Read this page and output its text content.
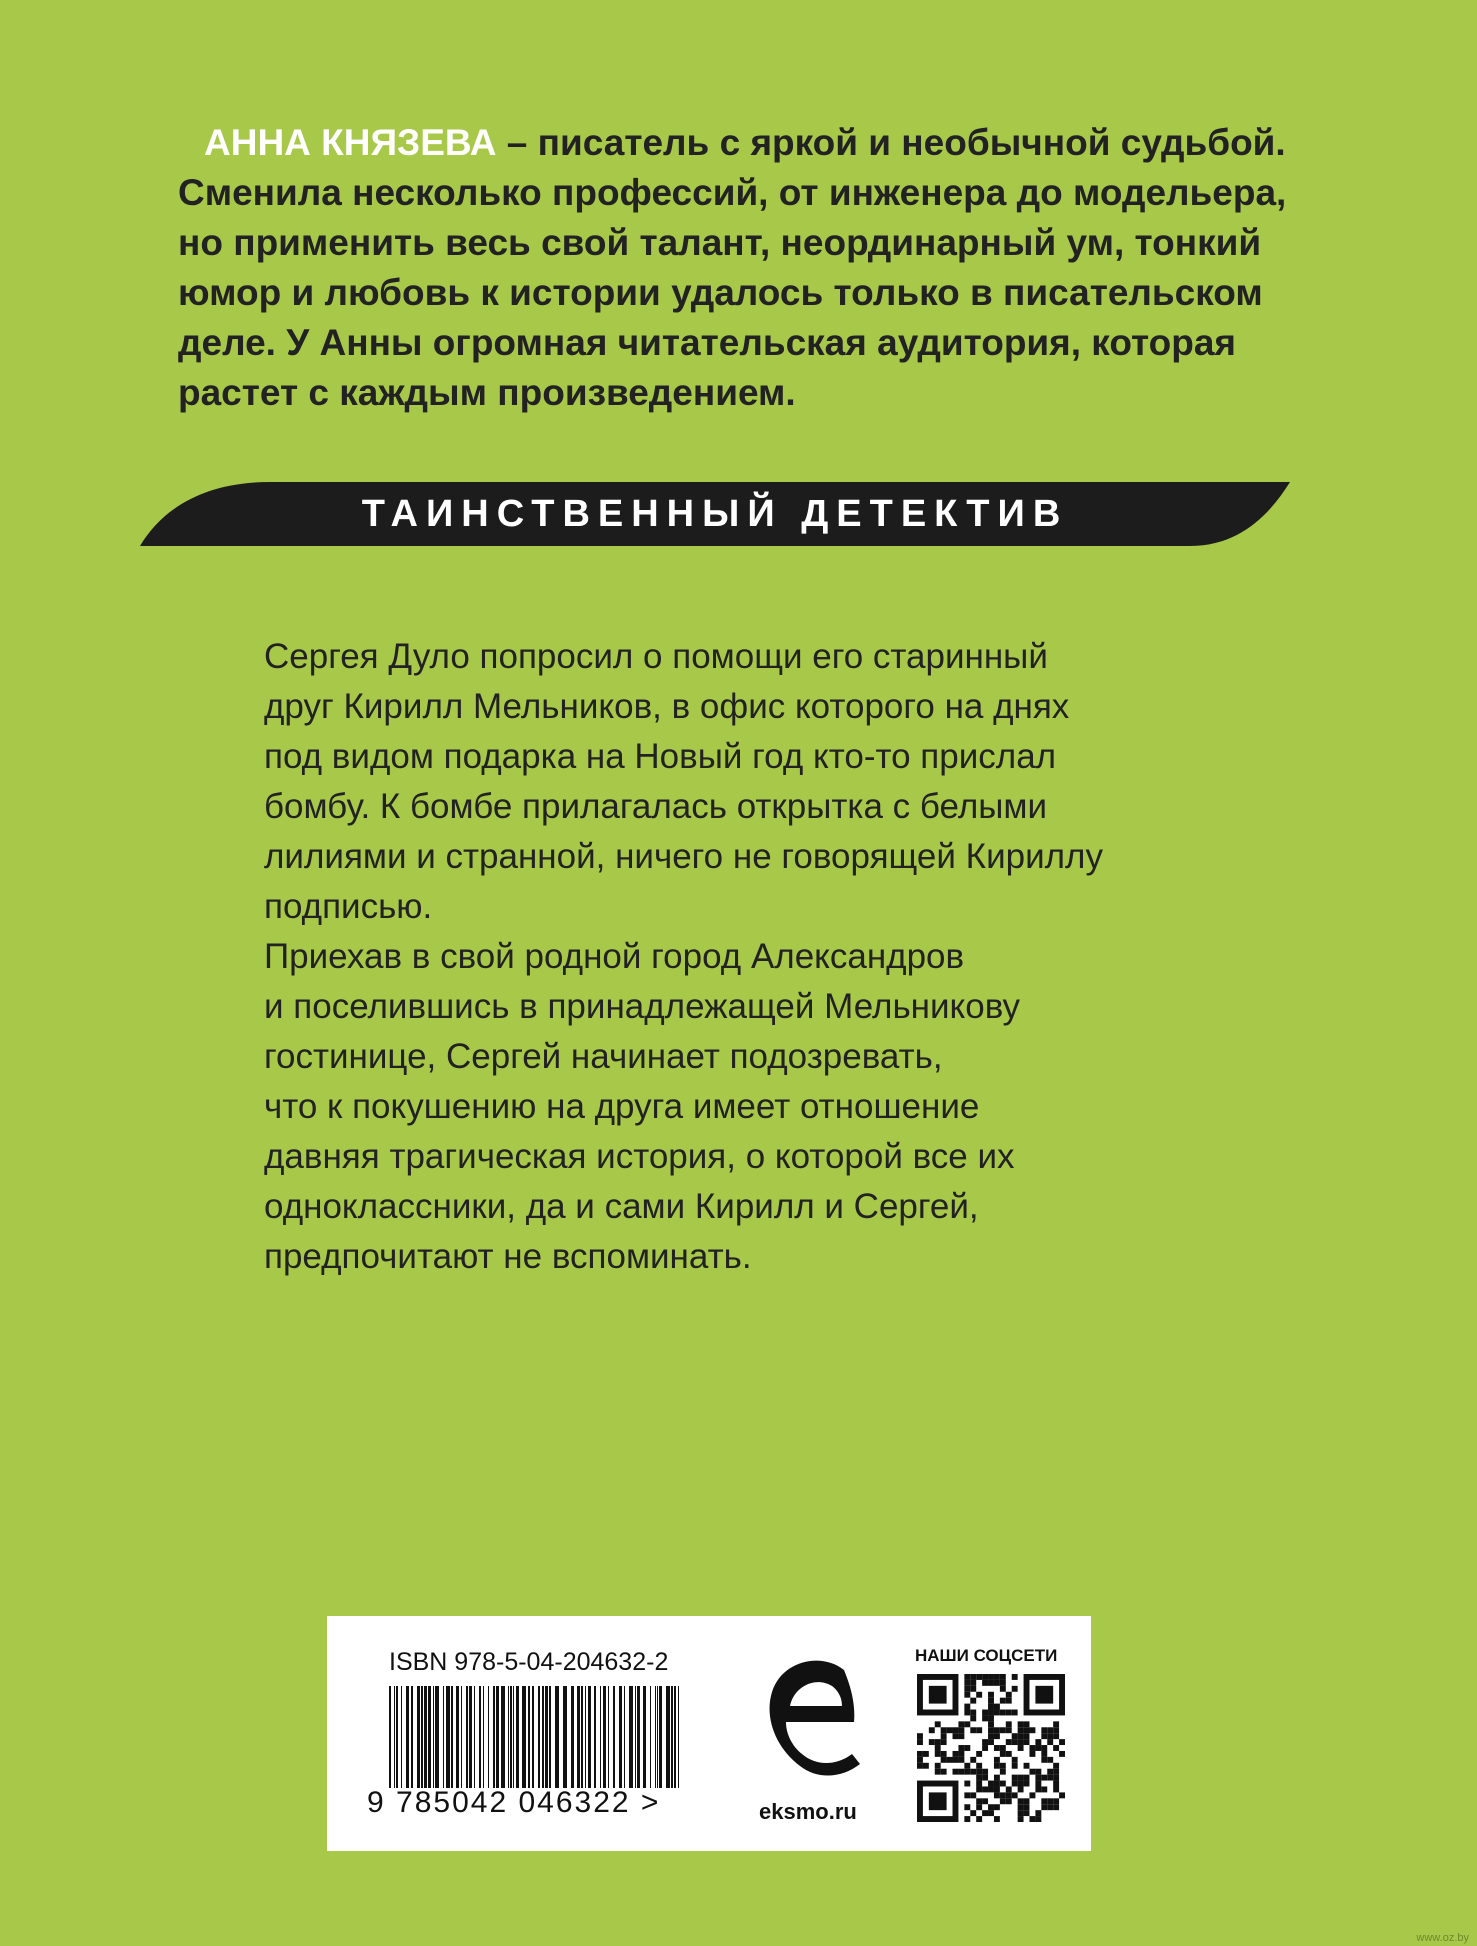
АННА КНЯЗЕВА – писатель с яркой и необычной судьбой.

Сменила несколько профессий, от инженера до модельера,

но применить весь свой талант, неординарный ум, тонкий

юмор и любовь к истории удалось только в писательском

деле. У Анны огромная читательская аудитория, которая

растет с каждым произведением.

ТАИНСТВЕННЫЙ ДЕТЕКТИВ

Сергея Дуло попросил о помощи его старинный

друг Кирилл Мельников, в офис которого на днях

под видом подарка на Новый год кто-то прислал

бомбу. К бомбе прилагалась открытка с белыми

лилиями и странной, ничего не говорящей Кириллу

подписью.

Приехав в свой родной город Александров

и поселившись в принадлежащей Мельникову

гостинице, Сергей начинает подозревать,

что к покушению на друга имеет отношение

давняя трагическая история, о которой все их

одноклассники, да и сами Кирилл и Сергей,

предпочитают не вспоминать.

ISBN 978-5-04-204632-2
9 785042 046322 >	eksmo.ru
НАШИ СОЦСЕТИ
www.oz.by
